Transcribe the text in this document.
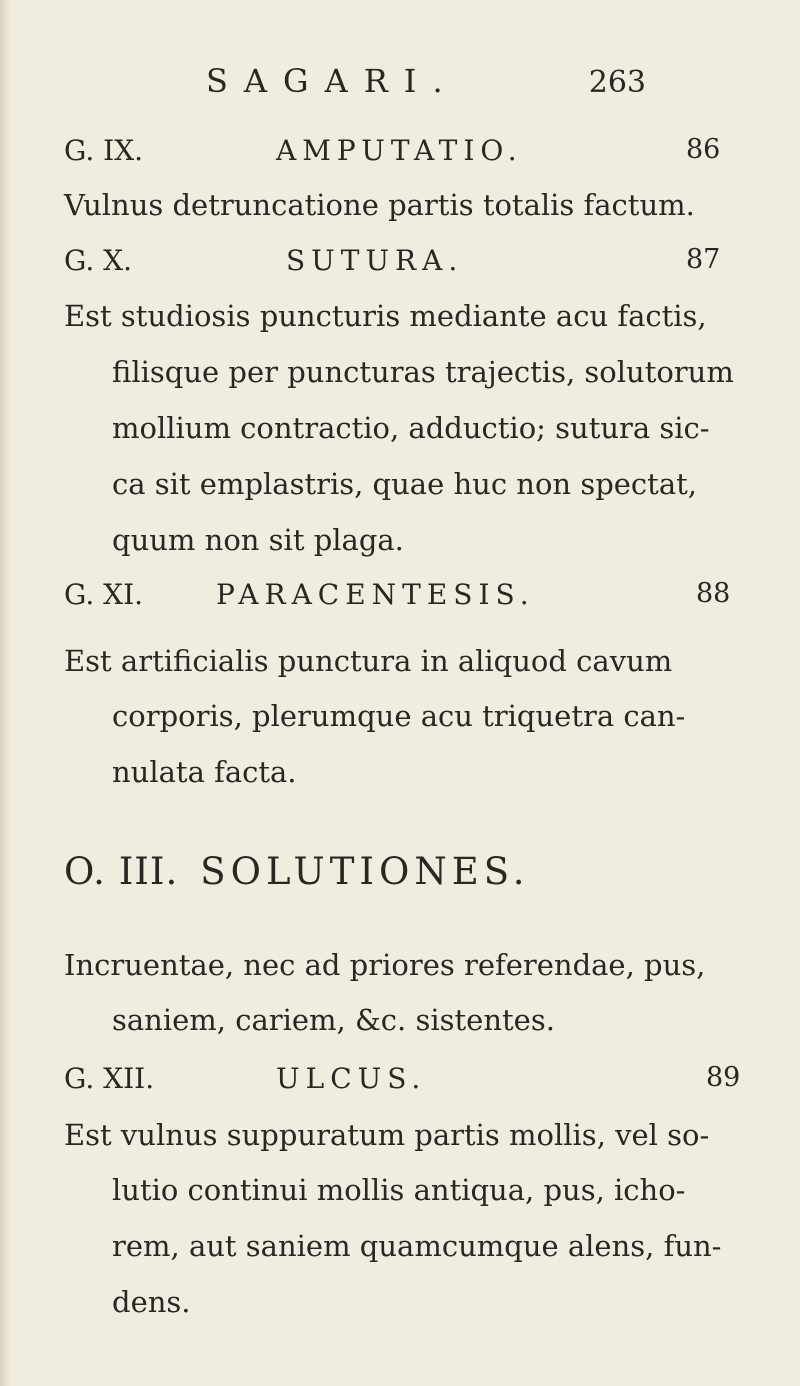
SAGARI.	263
G. IX.	AMPUTATIO.	86
Vulnus detruncatione partis totalis factum.
G. X.	SUTURA.	87
Est studiosis puncturis mediante acu factis,
filisque per puncturas trajectis, solutorum
mollium contractio, adductio; sutura sic-
ca sit emplastris, quae huc non spectat,
quum non sit plaga.
G. XI.	PARACENTESIS.	88
Est artificialis punctura in aliquod cavum
corporis, plerumque acu triquetra can-
nulata facta.
O. III. SOLUTIONES.
Incruentae, nec ad priores referendae, pus,
saniem, cariem, &c. sistentes.
G. XII.	ULCUS.	89
Est vulnus suppuratum partis mollis, vel so-
lutio continui mollis antiqua, pus, ichο-
rem, aut saniem quamcumque alens, fun-
dens.
